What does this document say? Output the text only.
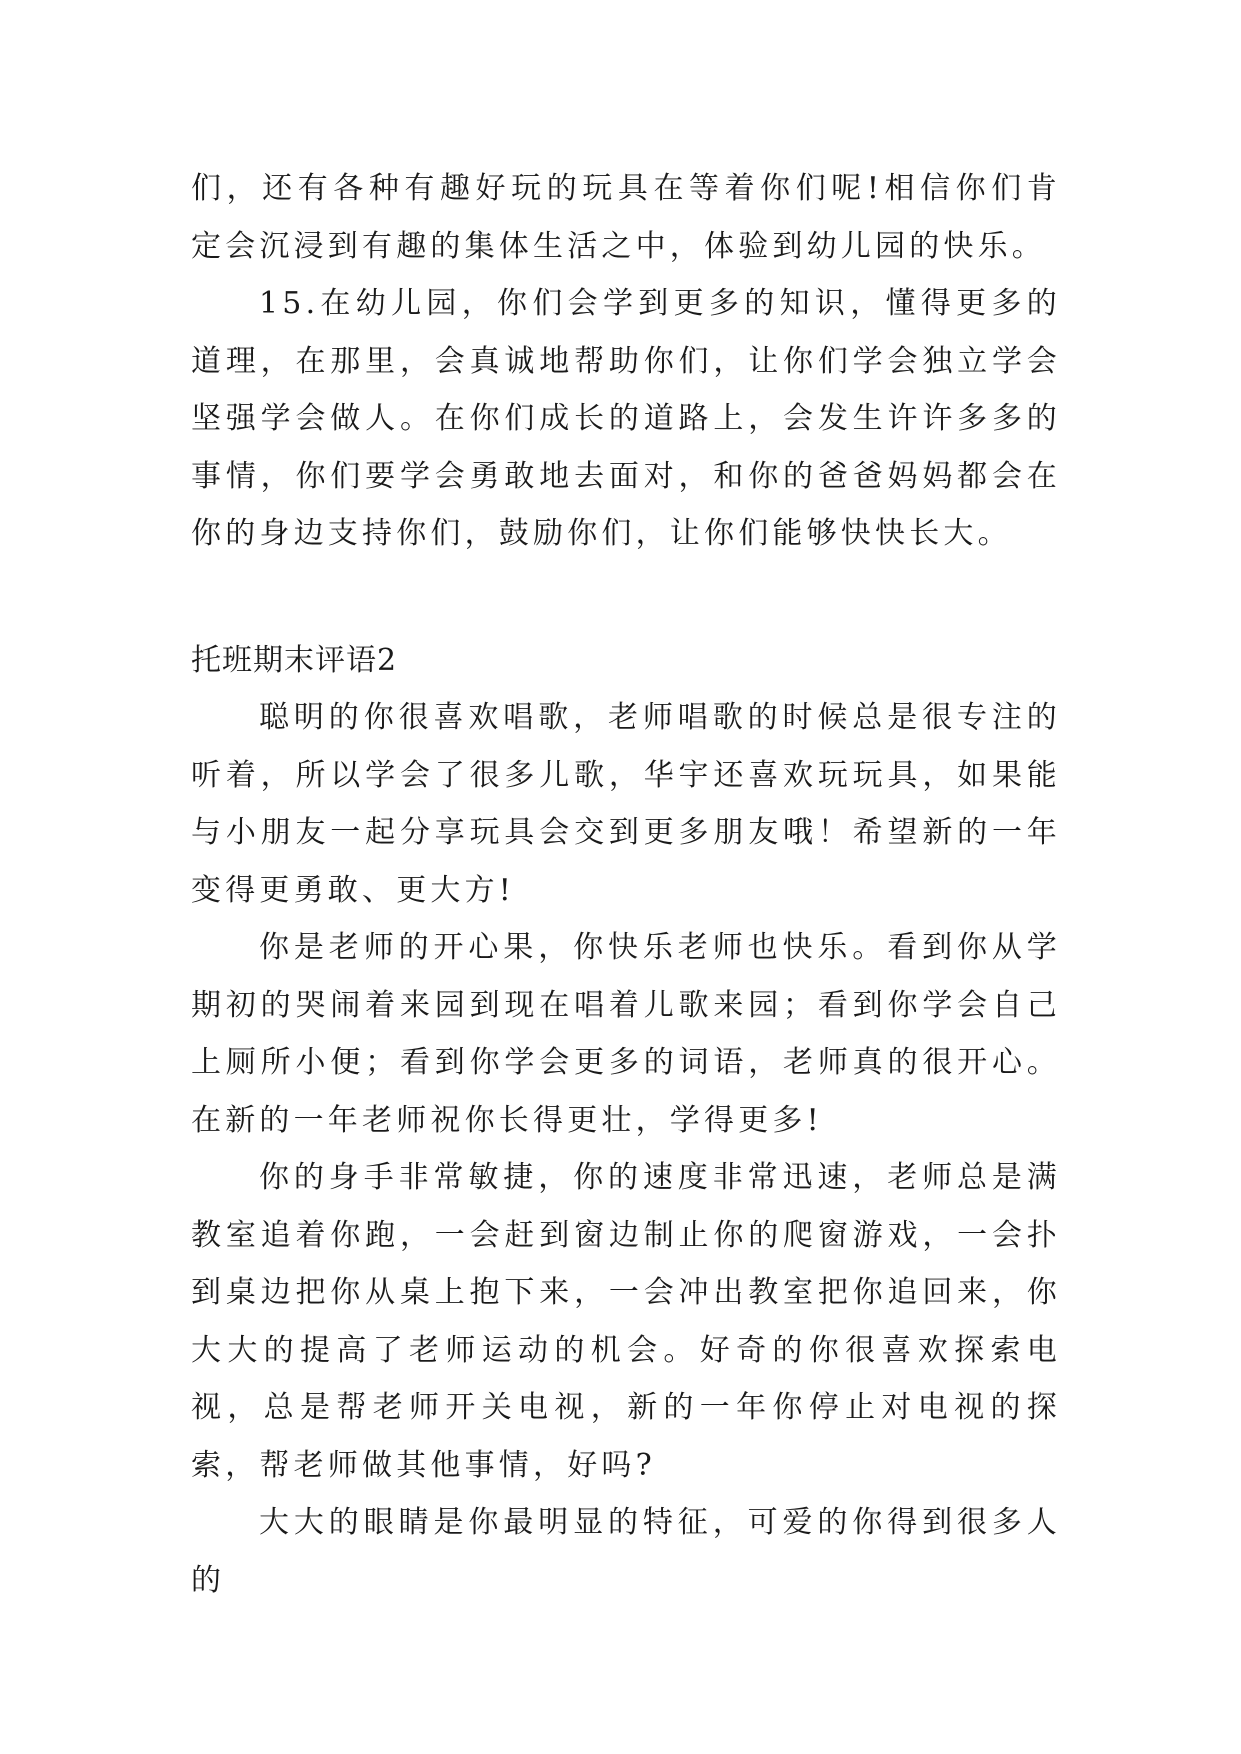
们，还有各种有趣好玩的玩具在等着你们呢!相信你们肯定会沉浸到有趣的集体生活之中，体验到幼儿园的快乐。

15.在幼儿园，你们会学到更多的知识，懂得更多的道理，在那里，会真诚地帮助你们，让你们学会独立学会坚强学会做人。在你们成长的道路上，会发生许许多多的事情，你们要学会勇敢地去面对，和你的爸爸妈妈都会在你的身边支持你们，鼓励你们，让你们能够快快长大。

托班期末评语2

聪明的你很喜欢唱歌，老师唱歌的时候总是很专注的听着，所以学会了很多儿歌，华宇还喜欢玩玩具，如果能与小朋友一起分享玩具会交到更多朋友哦！希望新的一年变得更勇敢、更大方!

你是老师的开心果，你快乐老师也快乐。看到你从学期初的哭闹着来园到现在唱着儿歌来园；看到你学会自己上厕所小便；看到你学会更多的词语，老师真的很开心。在新的一年老师祝你长得更壮，学得更多!

你的身手非常敏捷，你的速度非常迅速，老师总是满教室追着你跑，一会赶到窗边制止你的爬窗游戏，一会扑到桌边把你从桌上抱下来，一会冲出教室把你追回来，你大大的提高了老师运动的机会。好奇的你很喜欢探索电视，总是帮老师开关电视，新的一年你停止对电视的探索，帮老师做其他事情，好吗?

大大的眼睛是你最明显的特征，可爱的你得到很多人的
